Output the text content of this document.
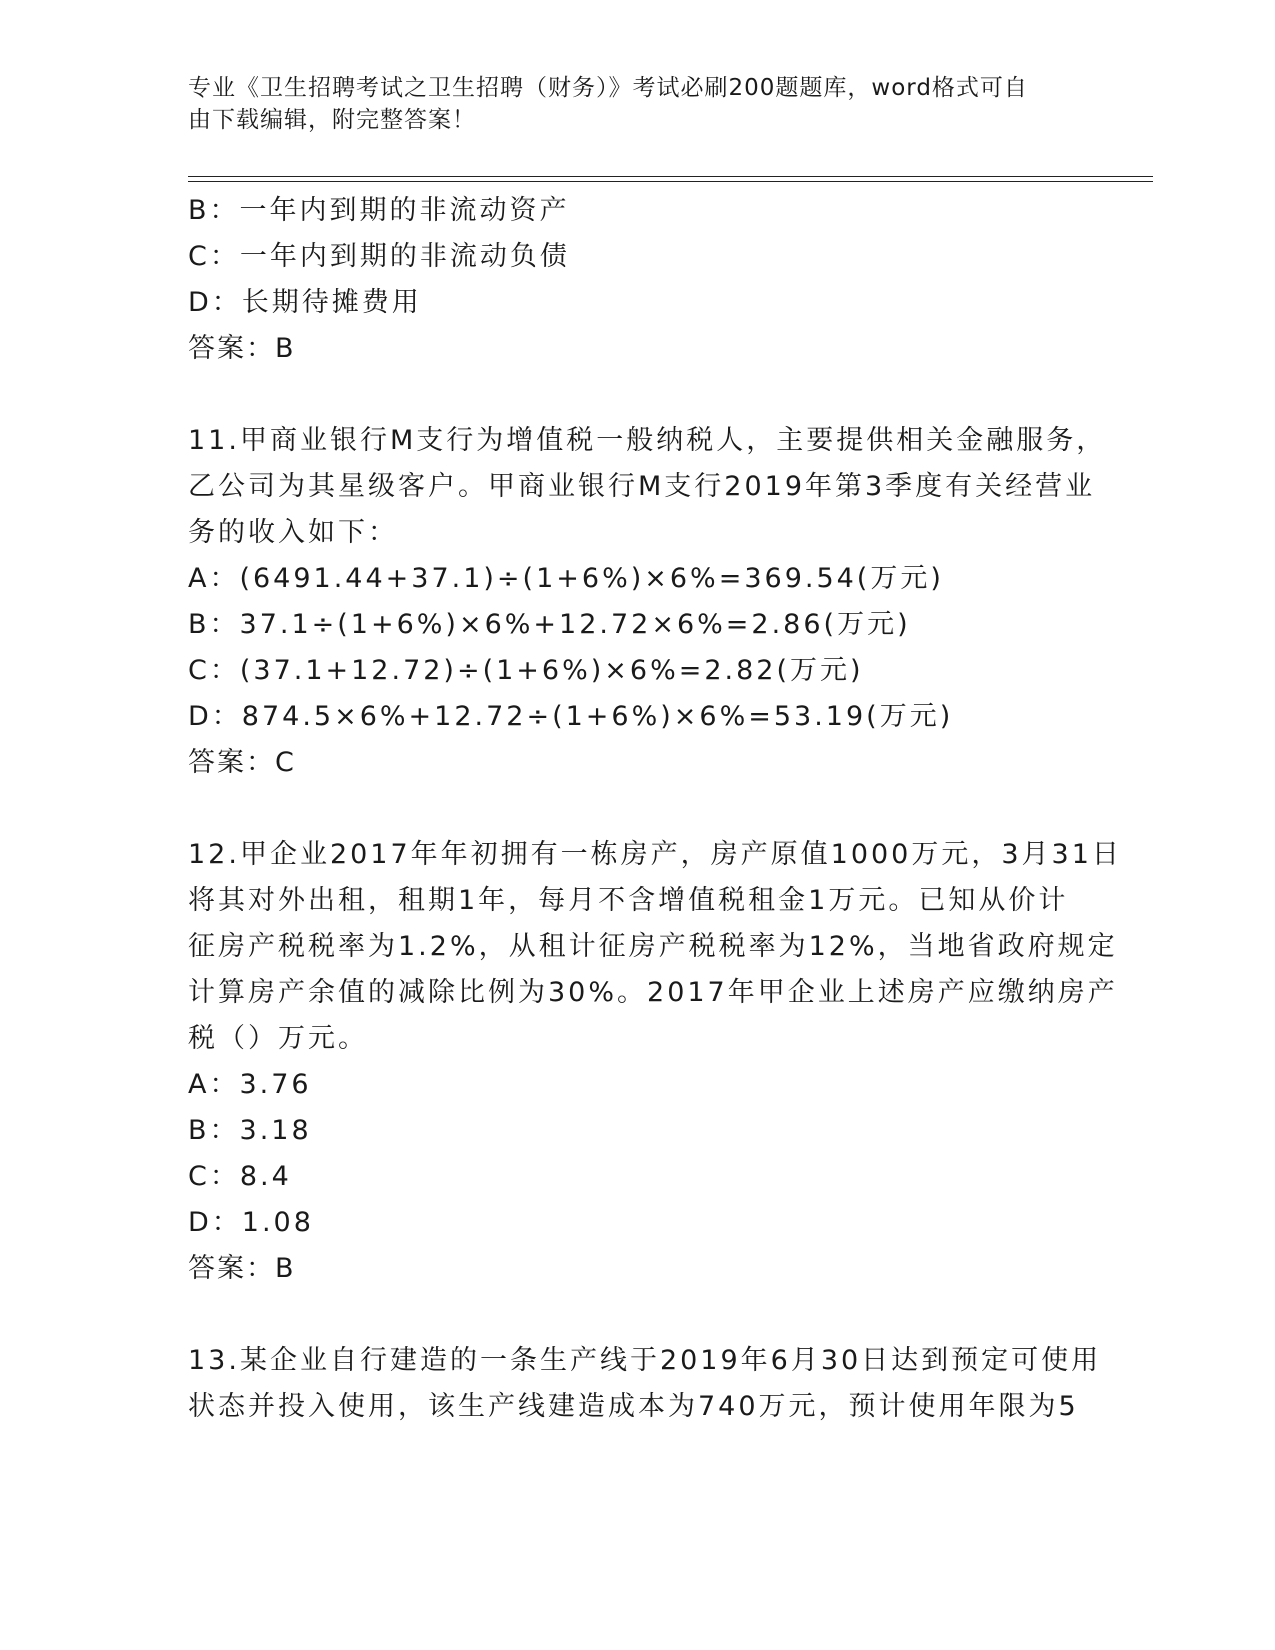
专业《卫生招聘考试之卫生招聘（财务）》考试必刷200题题库，word格式可自
由下载编辑，附完整答案！
B：一年内到期的非流动资产
C：一年内到期的非流动负债
D：长期待摊费用
答案：B
11.甲商业银行M支行为增值税一般纳税人，主要提供相关金融服务，
乙公司为其星级客户。甲商业银行M支行2019年第3季度有关经营业
务的收入如下：
A：(6491.44+37.1)÷(1+6%)×6%=369.54(万元)
B：37.1÷(1+6%)×6%+12.72×6%=2.86(万元)
C：(37.1+12.72)÷(1+6%)×6%=2.82(万元)
D：874.5×6%+12.72÷(1+6%)×6%=53.19(万元)
答案：C
12.甲企业2017年年初拥有一栋房产，房产原值1000万元，3月31日
将其对外出租，租期1年，每月不含增值税租金1万元。已知从价计
征房产税税率为1.2%，从租计征房产税税率为12%，当地省政府规定
计算房产余值的减除比例为30%。2017年甲企业上述房产应缴纳房产
税（）万元。
A：3.76
B：3.18
C：8.4
D：1.08
答案：B
13.某企业自行建造的一条生产线于2019年6月30日达到预定可使用
状态并投入使用，该生产线建造成本为740万元，预计使用年限为5
